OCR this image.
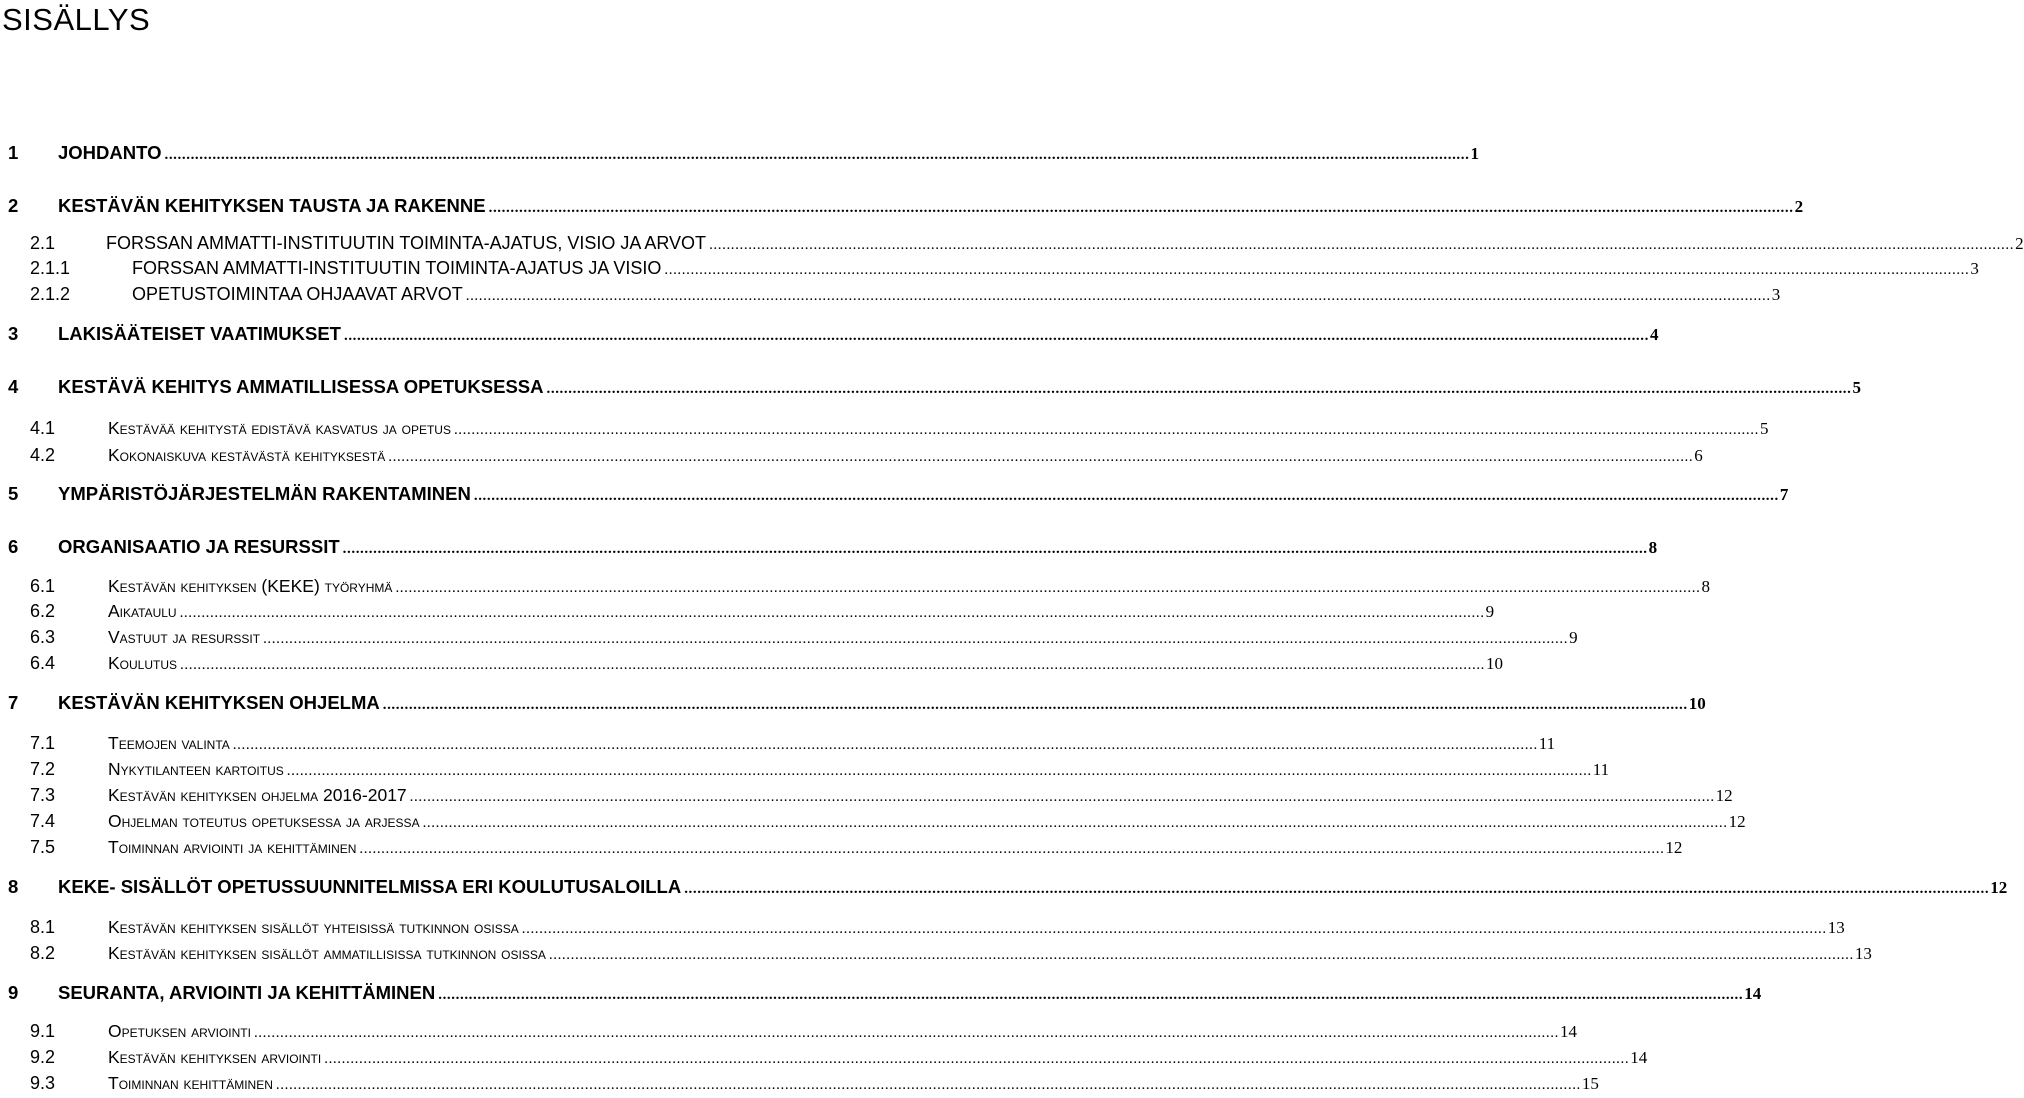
SISÄLLYS
1	JOHDANTO ............................................................................................................................................................................................................................................................................................................ 1
2	KESTÄVÄN KEHITYKSEN TAUSTA JA RAKENNE ............................................................................................................................................................................................................................................................................................................ 2
2.1	FORSSAN AMMATTI-INSTITUUTIN TOIMINTA-AJATUS, VISIO JA ARVOT ............................................................................................................................................................................................................................................................................................................ 2
2.1.1	FORSSAN AMMATTI-INSTITUUTIN TOIMINTA-AJATUS JA VISIO ............................................................................................................................................................................................................................................................................................................ 3
2.1.2	OPETUSTOIMINTAA OHJAAVAT ARVOT ............................................................................................................................................................................................................................................................................................................ 3
3	LAKISÄÄTEISET VAATIMUKSET ............................................................................................................................................................................................................................................................................................................ 4
4	KESTÄVÄ KEHITYS AMMATILLISESSA OPETUKSESSA ............................................................................................................................................................................................................................................................................................................ 5
4.1	Kestävää kehitystä edistävä kasvatus ja opetus ............................................................................................................................................................................................................................................................................................................ 5
4.2	Kokonaiskuva kestävästä kehityksestä ............................................................................................................................................................................................................................................................................................................ 6
5	YMPÄRISTÖJÄRJESTELMÄN RAKENTAMINEN ............................................................................................................................................................................................................................................................................................................ 7
6	ORGANISAATIO JA RESURSSIT ............................................................................................................................................................................................................................................................................................................ 8
6.1	Kestävän kehityksen (KEKE) työryhmä ............................................................................................................................................................................................................................................................................................................ 8
6.2	Aikataulu ............................................................................................................................................................................................................................................................................................................ 9
6.3	Vastuut ja resurssit ............................................................................................................................................................................................................................................................................................................ 9
6.4	Koulutus ............................................................................................................................................................................................................................................................................................................ 10
7	KESTÄVÄN KEHITYKSEN OHJELMA ............................................................................................................................................................................................................................................................................................................ 10
7.1	Teemojen valinta ............................................................................................................................................................................................................................................................................................................ 11
7.2	Nykytilanteen kartoitus ............................................................................................................................................................................................................................................................................................................ 11
7.3	Kestävän kehityksen ohjelma 2016-2017 ............................................................................................................................................................................................................................................................................................................ 12
7.4	Ohjelman toteutus opetuksessa ja arjessa ............................................................................................................................................................................................................................................................................................................ 12
7.5	Toiminnan arviointi ja kehittäminen ............................................................................................................................................................................................................................................................................................................ 12
8	KEKE- SISÄLLÖT OPETUSSUUNNITELMISSA ERI KOULUTUSALOILLA ............................................................................................................................................................................................................................................................................................................ 12
8.1	Kestävän kehityksen sisällöt yhteisissä tutkinnon osissa ............................................................................................................................................................................................................................................................................................................ 13
8.2	Kestävän kehityksen sisällöt ammatillisissa tutkinnon osissa ............................................................................................................................................................................................................................................................................................................ 13
9	SEURANTA, ARVIOINTI JA KEHITTÄMINEN ............................................................................................................................................................................................................................................................................................................ 14
9.1	Opetuksen arviointi ............................................................................................................................................................................................................................................................................................................ 14
9.2	Kestävän kehityksen arviointi ............................................................................................................................................................................................................................................................................................................ 14
9.3	Toiminnan kehittäminen ............................................................................................................................................................................................................................................................................................................ 15
